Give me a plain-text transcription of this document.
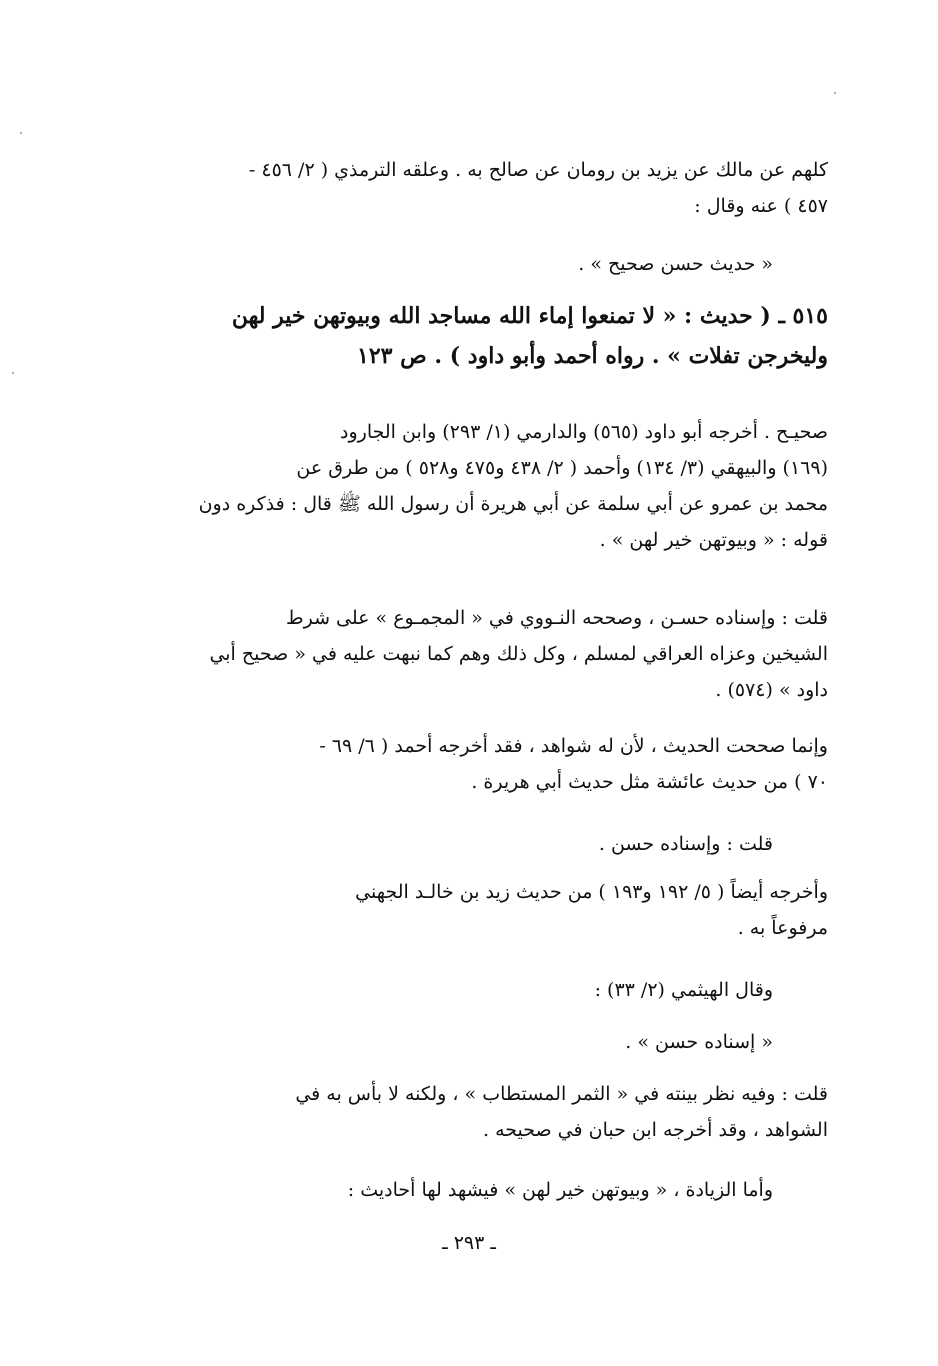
كلهم عن مالك عن يزيد بن رومان عن صالح به . وعلقه الترمذي ( ٢/ ٤٥٦ -
٤٥٧ ) عنه وقال :
« حديث حسن صحيح » .
٥١٥ ـ ( حديث : « لا تمنعوا إماء الله مساجد الله وبيوتهن خير لهن
وليخرجن تفلات » . رواه أحمد وأبو داود ) . ص ١٢٣
صحيـح . أخرجه أبو داود (٥٦٥) والدارمي (١/ ٢٩٣) وابن الجارود
(١٦٩) والبيهقي (٣/ ١٣٤) وأحمد ( ٢/ ٤٣٨ و٤٧٥ و٥٢٨ ) من طرق عن
محمد بن عمرو عن أبي سلمة عن أبي هريرة أن رسول الله ﷺ قال : فذكره دون
قوله : « وبيوتهن خير لهن » .
قلت : وإسناده حسـن ، وصححه النـووي في « المجمـوع » على شرط
الشيخين وعزاه العراقي لمسلم ، وكل ذلك وهم كما نبهت عليه في « صحيح أبي
داود » (٥٧٤) .
وإنما صححت الحديث ، لأن له شواهد ، فقد أخرجه أحمد ( ٦/ ٦٩ -
٧٠ ) من حديث عائشة مثل حديث أبي هريرة .
قلت : وإسناده حسن .
وأخرجه أيضاً ( ٥/ ١٩٢ و١٩٣ ) من حديث زيد بن خالـد الجهني
مرفوعاً به .
وقال الهيثمي (٢/ ٣٣) :
« إسناده حسن » .
قلت : وفيه نظر بينته في « الثمر المستطاب » ، ولكنه لا بأس به في
الشواهد ، وقد أخرجه ابن حبان في صحيحه .
وأما الزيادة ، « وبيوتهن خير لهن » فيشهد لها أحاديث :
ـ ٢٩٣ ـ
